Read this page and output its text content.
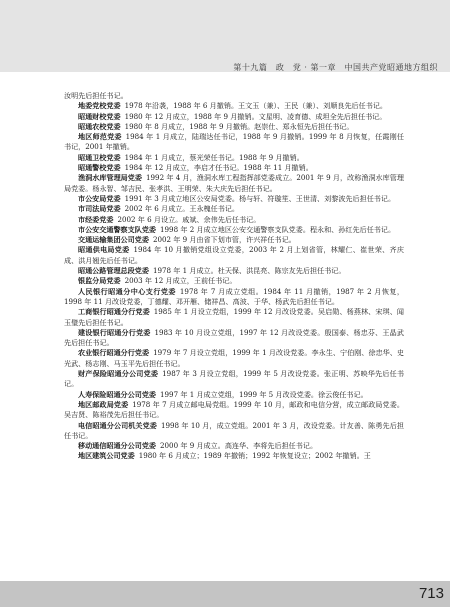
第十九篇　政　党 · 第一章　中国共产党昭通地方组织

汝明先后担任书记。

地委党校党委 1978 年沿袭，1988 年 6 月撤销。王文玉（兼）、王民（兼）、刘顺良先后任书记。

昭通财校党委 1980 年 12 月成立，1988 年 9 月撤销。文星明、凌育德、成坦全先后担任书记。

昭通农校党委 1980 年 8 月成立，1988 年 9 月撤销。赵崇仕、郑永恒先后担任书记。

地区师范党委 1984 年 1 月成立，陆瑞达任书记，1988 年 9 月撤销。1999 年 8 月恢复，任霞刚任书记，2001 年撤销。

昭通卫校党委 1984 年 1 月成立，蔡光荣任书记。1988 年 9 月撤销。

昭通警校党委 1984 年 12 月成立，李启才任书记。1988 年 11 月撤销。

渔洞水库管理局党委 1992 年 4 月，渔洞水库工程指挥部党委成立。2001 年 9 月，改称渔洞水库管理局党委。杨永智、邹吉民、张孝洪、王明荣、朱大庆先后担任书记。

市公安局党委 1991 年 3 月成立地区公安局党委。杨与轩、符璇笙、王世清、刘黎波先后担任书记。

市司法局党委 2002 年 6 月成立。王永槐任书记。

市经委党委 2002 年 6 月设立。戚斌、余伟先后任书记。

市公安交通警察支队党委 1998 年 2 月成立地区公安交通警察支队党委。程永和、孙红先后任书记。

交通运输集团公司党委 2002 年 9 月由省下划市管，许兴祥任书记。

昭通供电局党委 1984 年 10 月撤销党组设立党委，2003 年 2 月上划省管，林耀仁、崔世荣、齐庆成、洪月翘先后任书记。

昭通公路管理总段党委 1978 年 1 月成立。杜天保、洪昆亮、陈宗友先后担任书记。

银监分局党委 2003 年 12 月成立，王前任书记。

人民银行昭通分中心支行党委 1978 年 7 月成立党组。1984 年 11 月撤销，1987 年 2 月恢复，1998 年 11 月改设党委，丁德耀、邓开雁、储祥昌、高波、于华、杨武先后担任书记。

工商银行昭通分行党委 1985 年 1 月设立党组，1999 年 12 月改设党委。吴启勋、杨燕林、宋琪、闻玉璧先后担任书记。

建设银行昭通分行党委 1983 年 10 月设立党组，1997 年 12 月改设党委。殷国泰、杨忠芬、王晶武先后担任书记。

农业银行昭通分行党委 1979 年 7 月设立党组，1999 年 1 月改设党委。李永生、宁伯刚、徐忠华、史光武、杨志刚、马玉平先后担任书记。

财产保险昭通分公司党委 1987 年 3 月设立党组，1999 年 5 月改设党委。张正明、苏映华先后任书记。

人寿保险昭通分公司党委 1997 年 1 月成立党组，1999 年 5 月改设党委。徐云俊任书记。

地区邮政局党委 1978 年 7 月成立邮电局党组。1999 年 10 月，邮政和电信分营，成立邮政局党委。吴吉贤、陈裕茂先后担任书记。

电信昭通分公司机关党委 1998 年 10 月，成立党组。2001 年 3 月，改设党委。计友善、陈勇先后担任书记。

移动通信昭通分公司党委 2000 年 9 月成立。高连华、李将先后担任书记。

地区建筑公司党委 1980 年 6 月成立；1989 年撤销；1992 年恢复设立；2002 年撤销。王

713
